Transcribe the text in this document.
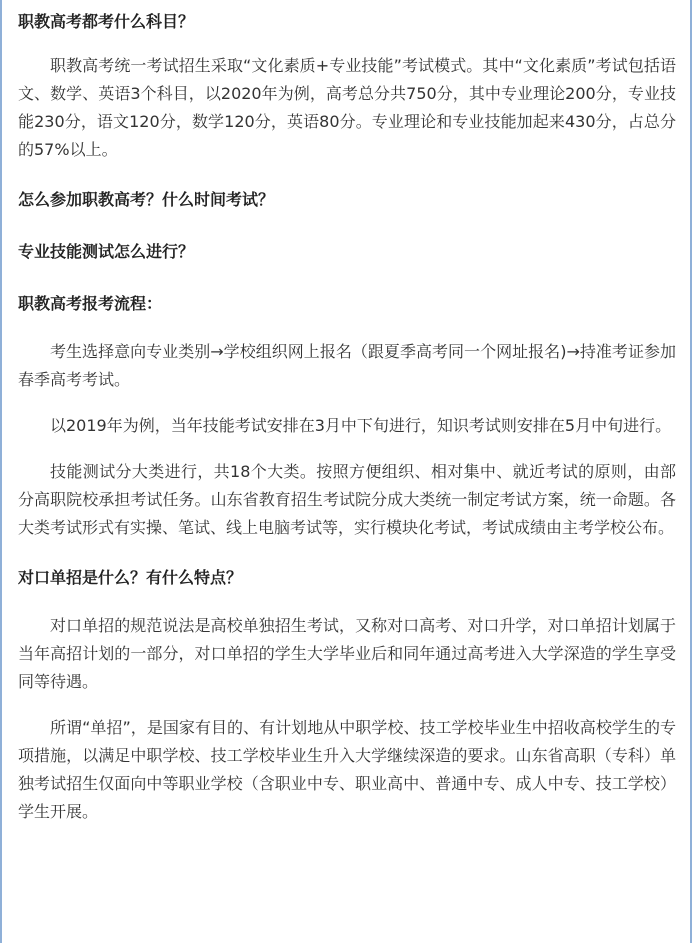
职教高考都考什么科目？

职教高考统一考试招生采取“文化素质+专业技能”考试模式。其中“文化素质”考试包括语文、数学、英语3个科目，以2020年为例，高考总分共750分，其中专业理论200分，专业技能230分，语文120分，数学120分，英语80分。专业理论和专业技能加起来430分，占总分的57%以上。

怎么参加职教高考？什么时间考试？
专业技能测试怎么进行？
职教高考报考流程：

考生选择意向专业类别→学校组织网上报名（跟夏季高考同一个网址报名)→持准考证参加春季高考考试。

以2019年为例，当年技能考试安排在3月中下旬进行，知识考试则安排在5月中旬进行。

技能测试分大类进行，共18个大类。按照方便组织、相对集中、就近考试的原则，由部分高职院校承担考试任务。山东省教育招生考试院分成大类统一制定考试方案，统一命题。各大类考试形式有实操、笔试、线上电脑考试等，实行模块化考试，考试成绩由主考学校公布。

对口单招是什么？有什么特点？

对口单招的规范说法是高校单独招生考试，又称对口高考、对口升学，对口单招计划属于当年高招计划的一部分，对口单招的学生大学毕业后和同年通过高考进入大学深造的学生享受同等待遇。

所谓“单招”，是国家有目的、有计划地从中职学校、技工学校毕业生中招收高校学生的专项措施，以满足中职学校、技工学校毕业生升入大学继续深造的要求。山东省高职（专科）单独考试招生仅面向中等职业学校（含职业中专、职业高中、普通中专、成人中专、技工学校）学生开展。
